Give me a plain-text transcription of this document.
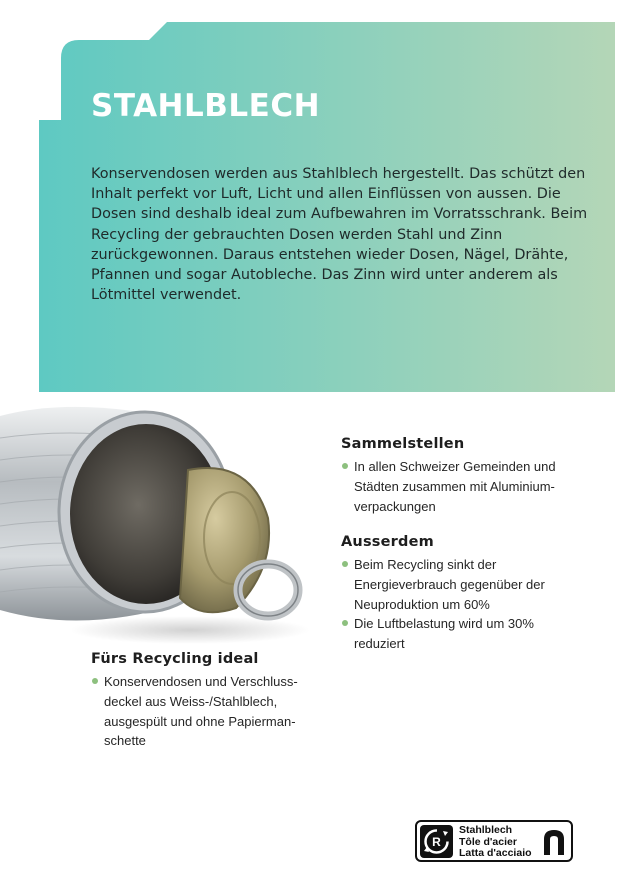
STAHLBLECH

Konservendosen werden aus Stahlblech hergestellt. Das schützt den Inhalt perfekt vor Luft, Licht und allen Einflüssen von aussen. Die Dosen sind deshalb ideal zum Aufbewahren im Vorratsschrank. Beim Recycling der gebrauchten Dosen werden Stahl und Zinn zurückgewonnen. Daraus entstehen wieder Dosen, Nägel, Drähte, Pfannen und sogar Autobleche. Das Zinn wird unter anderem als Lötmittel verwendet.

Sammelstellen
In allen Schweizer Gemeinden und Städten zusammen mit Aluminium-verpackungen
Ausserdem
Beim Recycling sinkt der Energieverbrauch gegenüber der Neuproduktion um 60%
Die Luftbelastung wird um 30% reduziert
Fürs Recycling ideal
Konservendosen und Verschluss-deckel aus Weiss-/Stahlblech, ausgespült und ohne Papierman-schette
R
Stahlblech
Tôle d'acier
Latta d'acciaio
